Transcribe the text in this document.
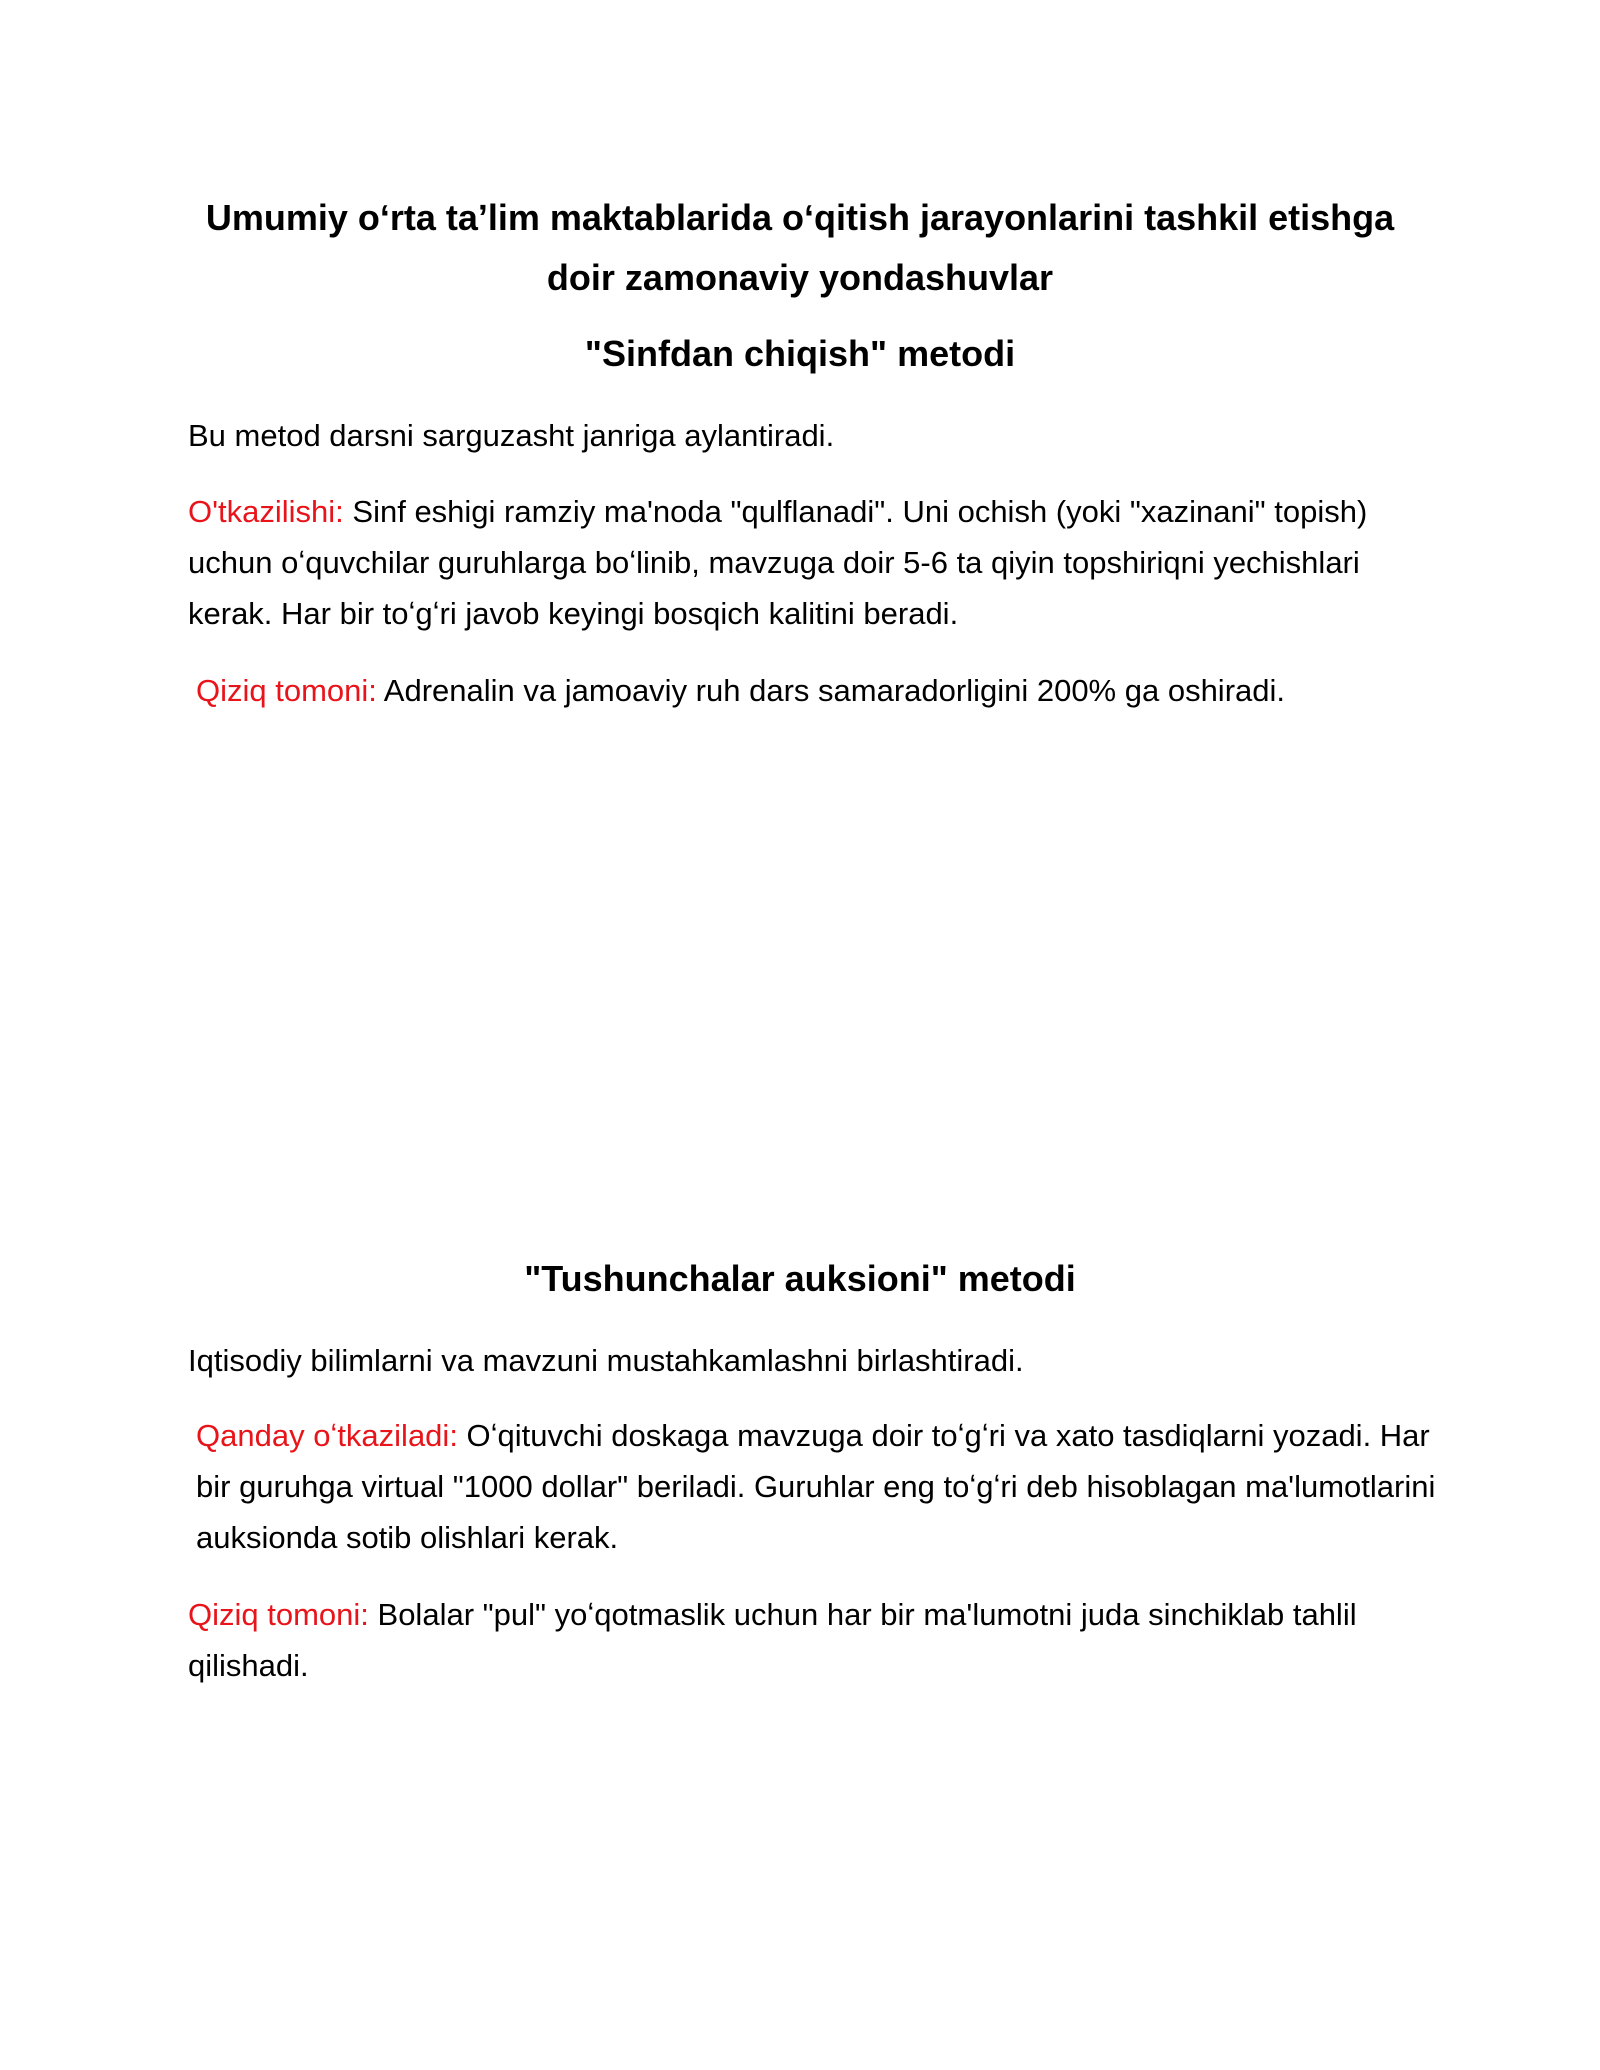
Umumiy oʻrta taʼlim maktablarida oʻqitish jarayonlarini tashkil etishga doir zamonaviy yondashuvlar
"Sinfdan chiqish" metodi

Bu metod darsni sarguzasht janriga aylantiradi.

O'tkazilishi: Sinf eshigi ramziy ma'noda "qulflanadi". Uni ochish (yoki "xazinani" topish) uchun oʻquvchilar guruhlarga boʻlinib, mavzuga doir 5-6 ta qiyin topshiriqni yechishlari kerak. Har bir toʻgʻri javob keyingi bosqich kalitini beradi.

Qiziq tomoni: Adrenalin va jamoaviy ruh dars samaradorligini 200% ga oshiradi.

"Tushunchalar auksioni" metodi

Iqtisodiy bilimlarni va mavzuni mustahkamlashni birlashtiradi.

Qanday oʻtkaziladi: Oʻqituvchi doskaga mavzuga doir toʻgʻri va xato tasdiqlarni yozadi. Har bir guruhga virtual "1000 dollar" beriladi. Guruhlar eng toʻgʻri deb hisoblagan ma'lumotlarini auksionda sotib olishlari kerak.

Qiziq tomoni: Bolalar "pul" yoʻqotmaslik uchun har bir ma'lumotni juda sinchiklab tahlil qilishadi.
